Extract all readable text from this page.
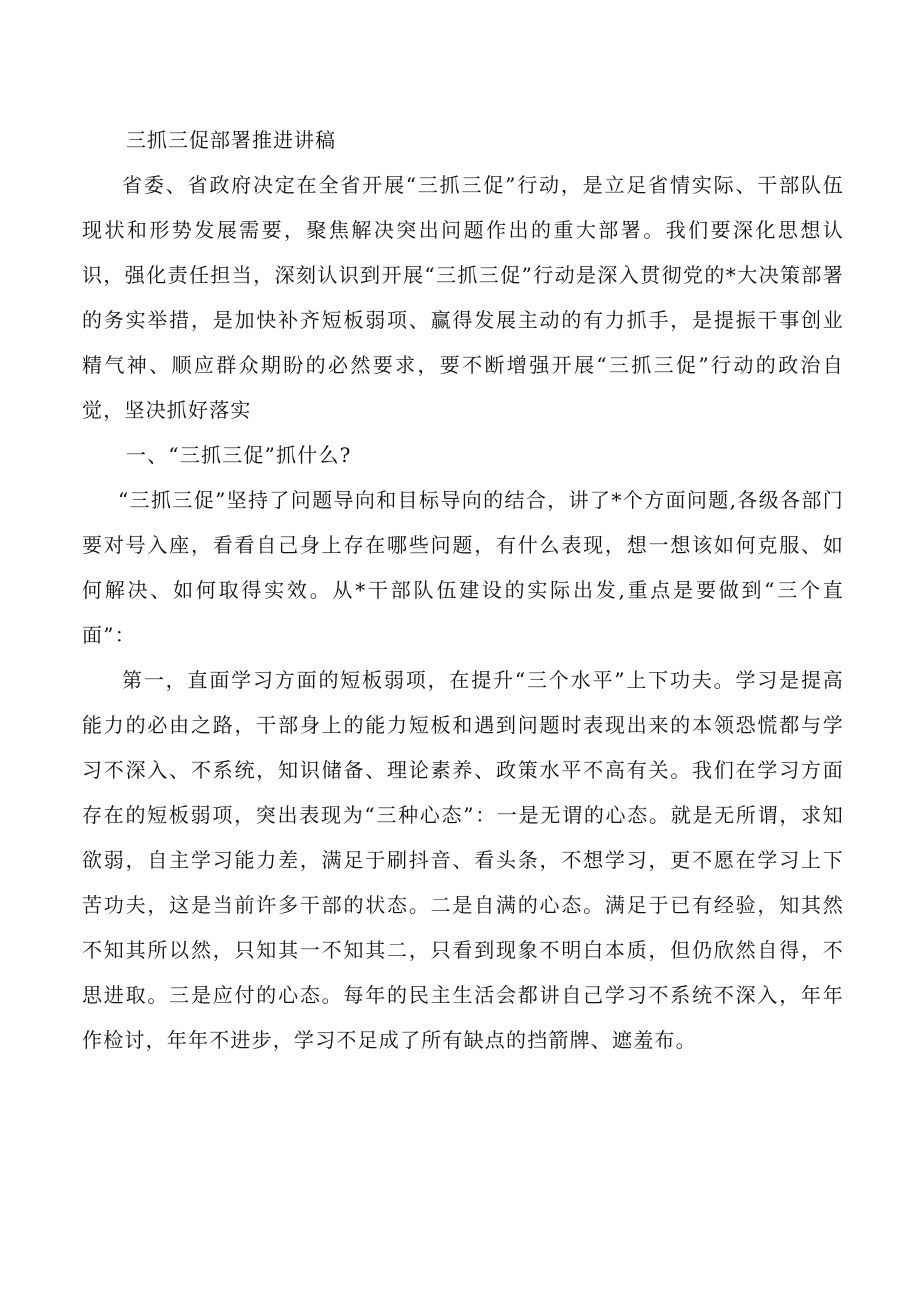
三抓三促部署推进讲稿

省委、省政府决定在全省开展“三抓三促”行动，是立足省情实际、干部队伍现状和形势发展需要，聚焦解决突出问题作出的重大部署。我们要深化思想认识，强化责任担当，深刻认识到开展“三抓三促”行动是深入贯彻党的*大决策部署的务实举措，是加快补齐短板弱项、赢得发展主动的有力抓手，是提振干事创业精气神、顺应群众期盼的必然要求，要不断增强开展“三抓三促”行动的政治自觉，坚决抓好落实

一、“三抓三促”抓什么?

“三抓三促”坚持了问题导向和目标导向的结合，讲了*个方面问题,各级各部门要对号入座，看看自己身上存在哪些问题，有什么表现，想一想该如何克服、如何解决、如何取得实效。从*干部队伍建设的实际出发,重点是要做到“三个直面”：

第一，直面学习方面的短板弱项，在提升“三个水平”上下功夫。学习是提高能力的必由之路，干部身上的能力短板和遇到问题时表现出来的本领恐慌都与学习不深入、不系统，知识储备、理论素养、政策水平不高有关。我们在学习方面存在的短板弱项，突出表现为“三种心态”：一是无谓的心态。就是无所谓，求知欲弱，自主学习能力差，满足于刷抖音、看头条，不想学习，更不愿在学习上下苦功夫，这是当前许多干部的状态。二是自满的心态。满足于已有经验，知其然不知其所以然，只知其一不知其二，只看到现象不明白本质，但仍欣然自得，不思进取。三是应付的心态。每年的民主生活会都讲自己学习不系统不深入，年年作检讨，年年不进步，学习不足成了所有缺点的挡箭牌、遮羞布。
